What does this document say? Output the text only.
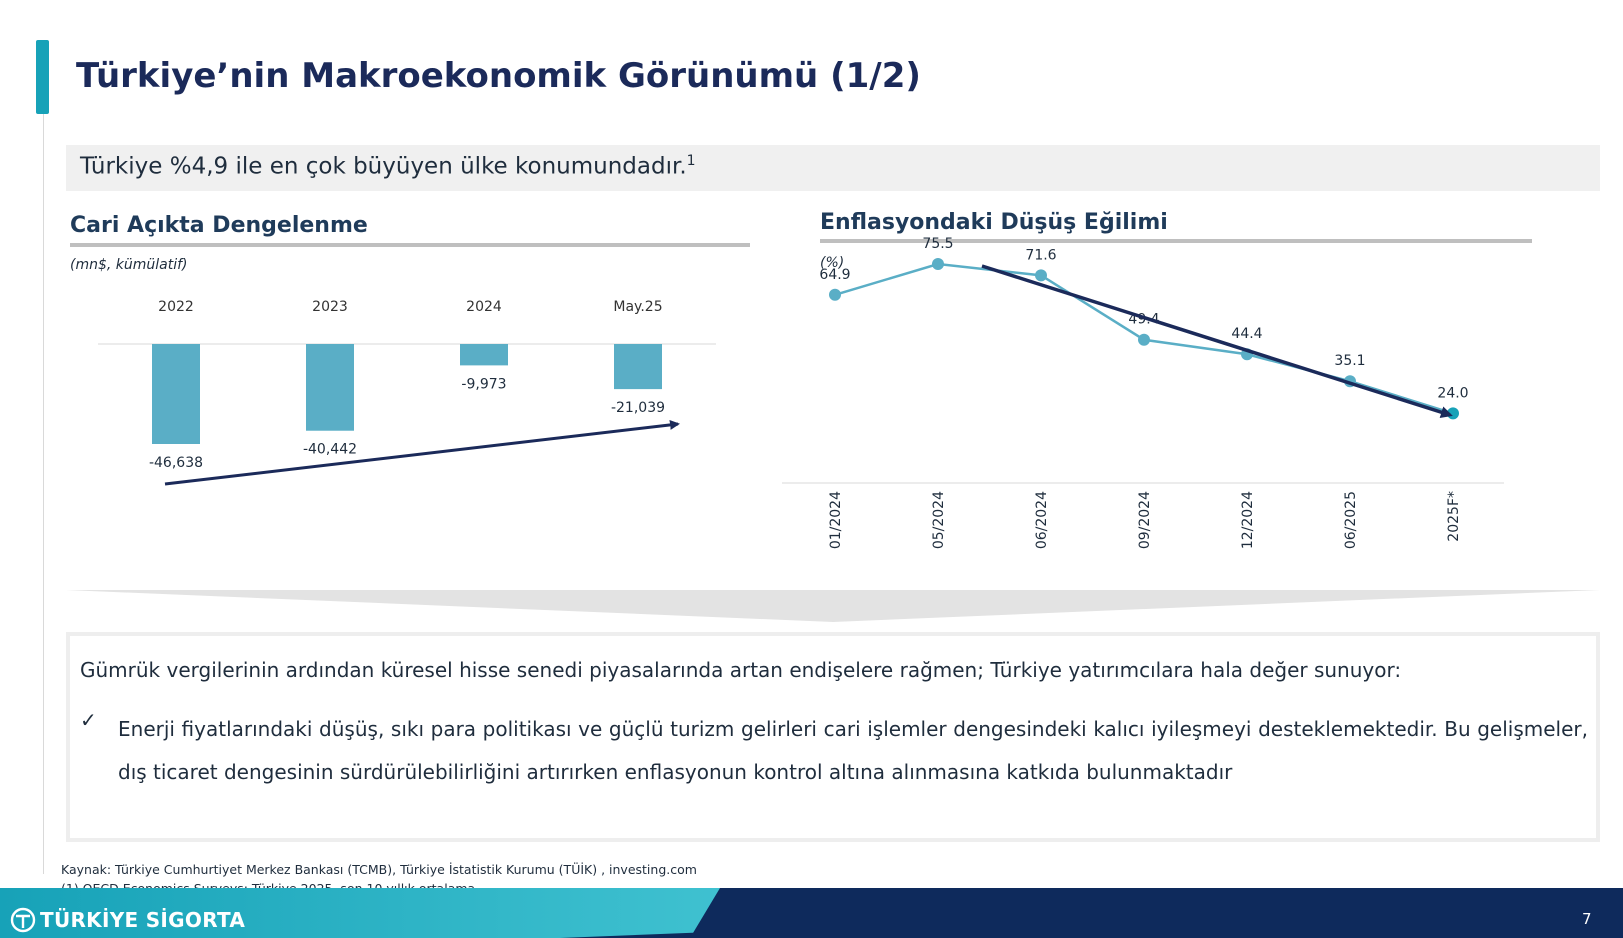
Türkiye’nin Makroekonomik Görünümü (1/2)
Türkiye %4,9 ile en çok büyüyen ülke konumundadır.$^1$
Cari Açıkta Dengelenme
(mn$, kümülatif)
Enflasyondaki Düşüş Eğilimi
(%)
2022
-46,638
2023
-40,442
2024
-9,973
May.25
-21,039
64.9
01/2024
75.5
05/2024
71.6
06/2024
49.4
09/2024
44.4
12/2024
35.1
06/2025
24.0
2025F*
Gümrük vergilerinin ardından küresel hisse senedi piyasalarında artan endişelere rağmen; Türkiye yatırımcılara hala değer sunuyor:
✓ Enerji fiyatlarındaki düşüş, sıkı para politikası ve güçlü turizm gelirleri cari işlemler dengesindeki kalıcı iyileşmeyi desteklemektedir. Bu gelişmeler, dış ticaret dengesinin sürdürülebilirliğini artırırken enflasyonun kontrol altına alınmasına katkıda bulunmaktadır
Kaynak: Türkiye Cumhurtiyet Merkez Bankası (TCMB), Türkiye İstatistik Kurumu (TÜİK) , investing.com
TÜRKİYE SİGORTA	7
